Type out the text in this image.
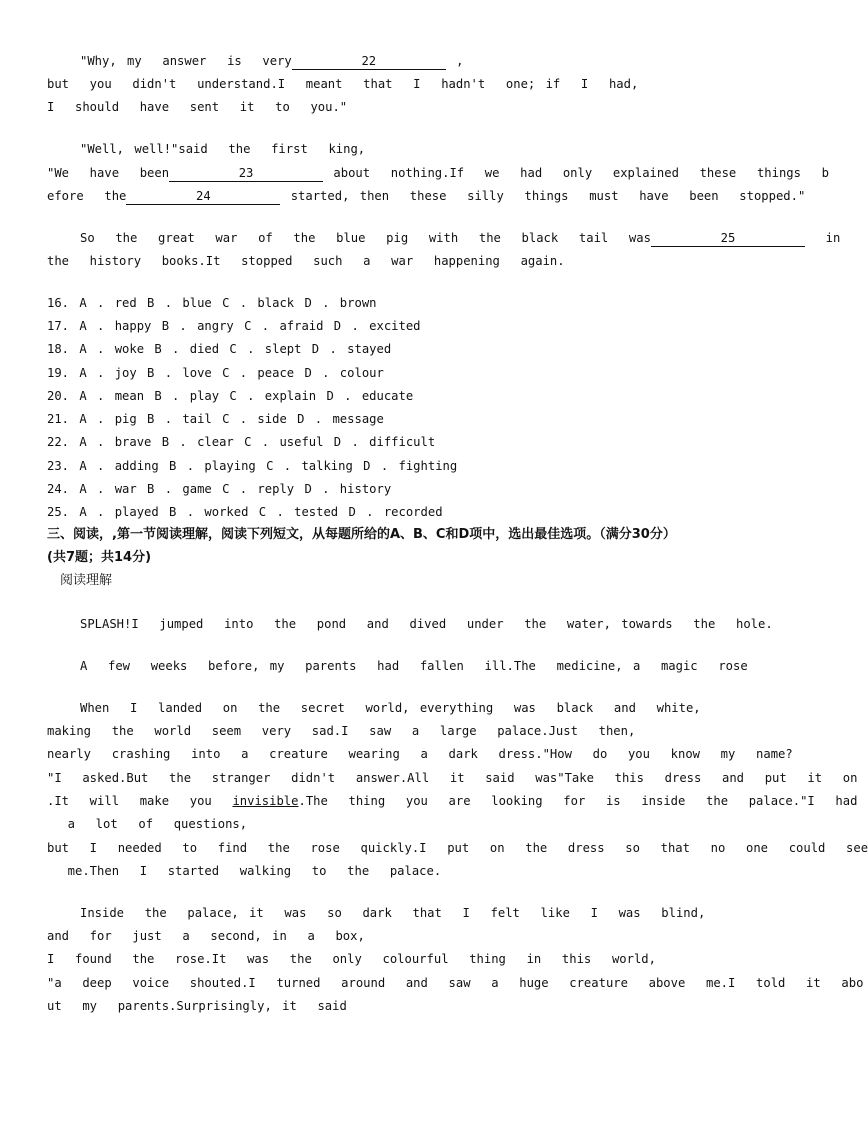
"Why, my  answer  is  very	22	,
but  you  didn't  understand.I  meant  that  I  hadn't  one; if  I  had,
I  should  have  sent  it  to  you."
"Well, well!"said  the  first  king,
"We  have  been	23	about  nothing.If  we  had  only  explained  these  things  b
efore  the	24	started, then  these  silly  things  must  have  been  stopped."
So  the  great  war  of  the  blue  pig  with  the  black  tail  was	25	in
the  history  books.It  stopped  such  a  war  happening  again.
16. A . red B . blue C . black D . brown
17. A . happy B . angry C . afraid D . excited
18. A . woke B . died C . slept D . stayed
19. A . joy B . love C . peace D . colour
20. A . mean B . play C . explain D . educate
21. A . pig B . tail C . side D . message
22. A . brave B . clear C . useful D . difficult
23. A . adding B . playing C . talking D . fighting
24. A . war B . game C . reply D . history
25. A . played B . worked C . tested D . recorded
三、阅读，,第一节阅读理解，阅读下列短文，从每题所给的A、B、C和D项中，选出最佳选项。（满分30分）
(共7题；共14分)
阅读理解
SPLASH!I  jumped  into  the  pond  and  dived  under  the  water, towards  the  hole.
A  few  weeks  before, my  parents  had  fallen  ill.The  medicine, a  magic  rose
When  I  landed  on  the  secret  world, everything  was  black  and  white,
making  the  world  seem  very  sad.I  saw  a  large  palace.Just  then,
nearly  crashing  into  a  creature  wearing  a  dark  dress."How  do  you  know  my  name?
"I  asked.But  the  stranger  didn't  answer.All  it  said  was"Take  this  dress  and  put  it  on
.It  will  make  you  invisible.The  thing  you  are  looking  for  is  inside  the  palace."I  had
a  lot  of  questions,
but  I  needed  to  find  the  rose  quickly.I  put  on  the  dress  so  that  no  one  could  see
me.Then  I  started  walking  to  the  palace.
Inside  the  palace, it  was  so  dark  that  I  felt  like  I  was  blind,
and  for  just  a  second, in  a  box,
I  found  the  rose.It  was  the  only  colourful  thing  in  this  world,
"a  deep  voice  shouted.I  turned  around  and  saw  a  huge  creature  above  me.I  told  it  abo
ut  my  parents.Surprisingly, it  said
